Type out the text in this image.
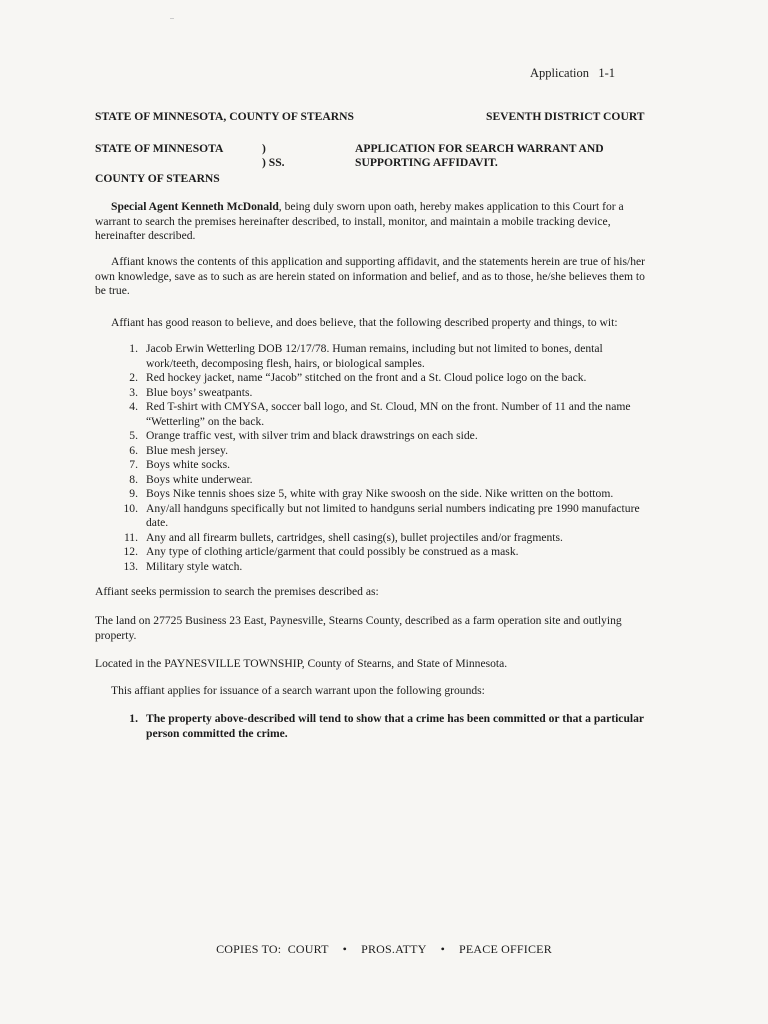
Application   1-1
STATE OF MINNESOTA, COUNTY OF STEARNS	SEVENTH DISTRICT COURT
STATE OF MINNESOTA	)
) SS.
APPLICATION FOR SEARCH WARRANT AND
SUPPORTING AFFIDAVIT.
COUNTY OF STEARNS
Special Agent Kenneth McDonald, being duly sworn upon oath, hereby makes application to this Court for a warrant to search the premises hereinafter described, to install, monitor, and maintain a mobile tracking device, hereinafter described.
Affiant knows the contents of this application and supporting affidavit, and the statements herein are true of his/her own knowledge, save as to such as are herein stated on information and belief, and as to those, he/she believes them to be true.
Affiant has good reason to believe, and does believe, that the following described property and things, to wit:
1. Jacob Erwin Wetterling DOB 12/17/78. Human remains, including but not limited to bones, dental work/teeth, decomposing flesh, hairs, or biological samples.
2. Red hockey jacket, name “Jacob” stitched on the front and a St. Cloud police logo on the back.
3. Blue boys’ sweatpants.
4. Red T-shirt with CMYSA, soccer ball logo, and St. Cloud, MN on the front. Number of 11 and the name “Wetterling” on the back.
5. Orange traffic vest, with silver trim and black drawstrings on each side.
6. Blue mesh jersey.
7. Boys white socks.
8. Boys white underwear.
9. Boys Nike tennis shoes size 5, white with gray Nike swoosh on the side. Nike written on the bottom.
10. Any/all handguns specifically but not limited to handguns serial numbers indicating pre 1990 manufacture date.
11. Any and all firearm bullets, cartridges, shell casing(s), bullet projectiles and/or fragments.
12. Any type of clothing article/garment that could possibly be construed as a mask.
13. Military style watch.
Affiant seeks permission to search the premises described as:
The land on 27725 Business 23 East, Paynesville, Stearns County, described as a farm operation site and outlying property.
Located in the PAYNESVILLE TOWNSHIP, County of Stearns, and State of Minnesota.
This affiant applies for issuance of a search warrant upon the following grounds:
1. The property above-described will tend to show that a crime has been committed or that a particular person committed the crime.
COPIES TO:  COURT • PROS.ATTY • PEACE OFFICER
